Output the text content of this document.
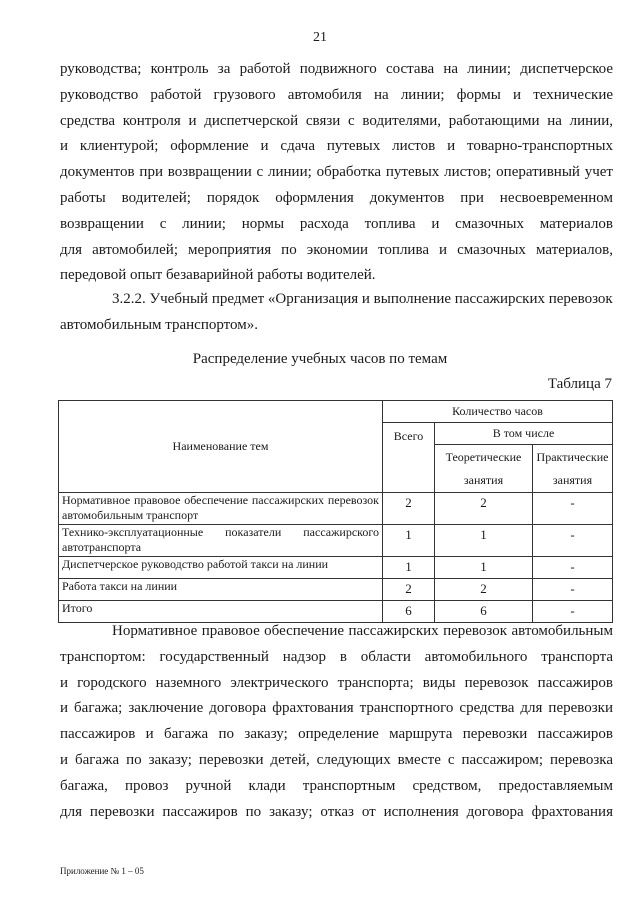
21

руководства; контроль за работой подвижного состава на линии; диспетчерское
руководство работой грузового автомобиля на линии; формы и технические
средства контроля и диспетчерской связи с водителями, работающими на линии,
и клиентурой; оформление и сдача путевых листов и товарно-транспортных
документов при возвращении с линии; обработка путевых листов; оперативный учет
работы водителей; порядок оформления документов при несвоевременном
возвращении с линии; нормы расхода топлива и смазочных материалов
для автомобилей; мероприятия по экономии топлива и смазочных материалов,
передовой опыт безаварийной работы водителей.

3.2.2. Учебный предмет «Организация и выполнение пассажирских перевозок
автомобильным транспортом».
Распределение учебных часов по темам
Таблица 7
Наименование тем	Количество часов		
	Всего	В том числе	
		Теоретические занятия	Практические занятия
Нормативное правовое обеспечение пассажирских перевозок автомобильным транспорт	2	2	-
Технико-эксплуатационные показатели пассажирского автотранспорта	1	1	-
Диспетчерское руководство работой такси на линии	1	1	-
Работа такси на линии	2	2	-
Итого	6	6	-

Нормативное правовое обеспечение пассажирских перевозок автомобильным
транспортом: государственный надзор в области автомобильного транспорта
и городского наземного электрического транспорта; виды перевозок пассажиров
и багажа; заключение договора фрахтования транспортного средства для перевозки
пассажиров и багажа по заказу; определение маршрута перевозки пассажиров
и багажа по заказу; перевозки детей, следующих вместе с пассажиром; перевозка
багажа, провоз ручной клади транспортным средством, предоставляемым
для перевозки пассажиров по заказу; отказ от исполнения договора фрахтования

Приложение № 1 – 05
